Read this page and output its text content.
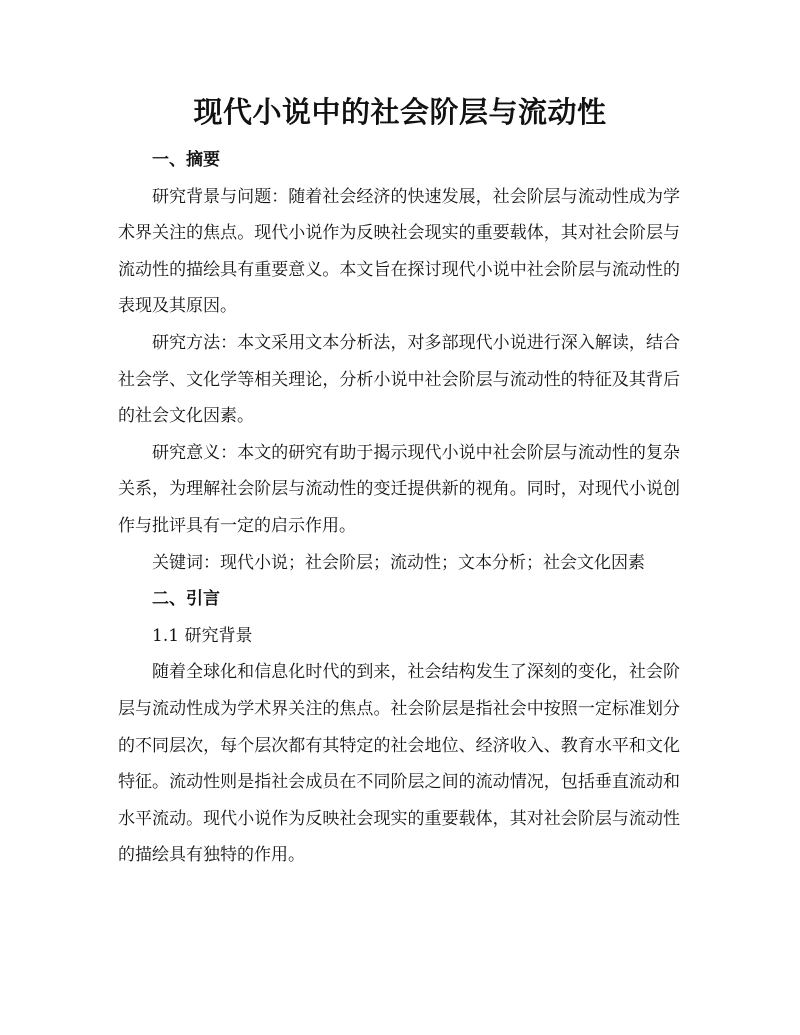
现代小说中的社会阶层与流动性

一、摘要

研究背景与问题：随着社会经济的快速发展，社会阶层与流动性成为学术界关注的焦点。现代小说作为反映社会现实的重要载体，其对社会阶层与流动性的描绘具有重要意义。本文旨在探讨现代小说中社会阶层与流动性的表现及其原因。

研究方法：本文采用文本分析法，对多部现代小说进行深入解读，结合社会学、文化学等相关理论，分析小说中社会阶层与流动性的特征及其背后的社会文化因素。

研究意义：本文的研究有助于揭示现代小说中社会阶层与流动性的复杂关系，为理解社会阶层与流动性的变迁提供新的视角。同时，对现代小说创作与批评具有一定的启示作用。

关键词：现代小说；社会阶层；流动性；文本分析；社会文化因素

二、引言

1.1 研究背景

随着全球化和信息化时代的到来，社会结构发生了深刻的变化，社会阶层与流动性成为学术界关注的焦点。社会阶层是指社会中按照一定标准划分的不同层次，每个层次都有其特定的社会地位、经济收入、教育水平和文化特征。流动性则是指社会成员在不同阶层之间的流动情况，包括垂直流动和水平流动。现代小说作为反映社会现实的重要载体，其对社会阶层与流动性的描绘具有独特的作用。
